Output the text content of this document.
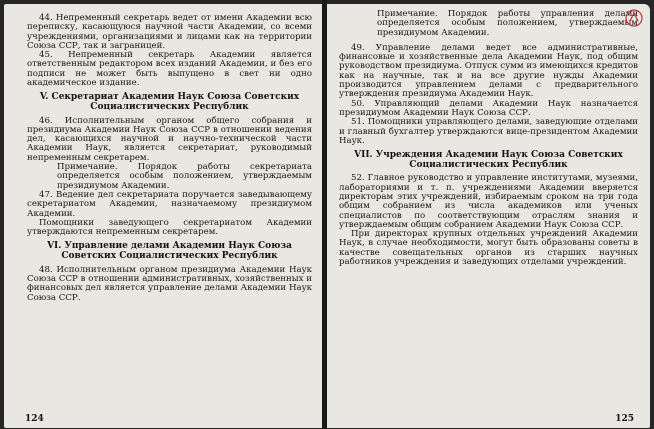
44. Непременный секретарь ведет от имени Академии всю переписку, касающуюся научной части Академии, со всеми учреждениями, организациями и лицами как на территории Союза ССР, так и заграницей.

45. Непременный секретарь Академии является ответственным редактором всех изданий Академии, и без его подписи не может быть выпущено в свет ни одно академическое издание.

V. Секретариат Академии Наук Союза Советских Социалистических Республик

46. Исполнительным органом общего собрания и президиума Академии Наук Союза ССР в отношении ведения дел, касающихся научной и научно-технической части Академии Наук, является секретариат, руководимый непременным секретарем.

Примечание. Порядок работы секретариата определяется особым положением, утверждаемым президиумом Академии.

47. Ведение дел секретариата поручается заведывающему секретариатом Академии, назначаемому президиумом Академии.

Помощники заведующего секретариатом Академии утверждаются непременным секретарем.

VI. Управление делами Академии Наук Союза Советских Социалистических Республик

48. Исполнительным органом президиума Академии Наук Союза ССР в отношении административных, хозяйственных и финансовых дел является управление делами Академии Наук Союза ССР.

124

Примечание. Порядок работы управления делами определяется особым положением, утверждаемым президиумом Академии.

49. Управление делами ведет все административные, финансовые и хозяйственные дела Академии Наук, под общим руководством президиума. Отпуск сумм из имеющихся кредитов как на научные, так и на все другие нужды Академии производится управлением делами с предварительного утверждения президиума Академии Наук.

50. Управляющий делами Академии Наук назначается президиумом Академии Наук Союза ССР.

51. Помощники управляющего делами, заведующие отделами и главный бухгалтер утверждаются вице-президентом Академии Наук.

VII. Учреждения Академии Наук Союза Советских Социалистических Республик

52. Главное руководство и управление институтами, музеями, лабораториями и т. п. учреждениями Академии вверяется директорам этих учреждений, избираемым сроком на три года общим собранием из числа академиков или ученых специалистов по соответствующим отраслям знания и утверждаемым общим собранием Академии Наук Союза ССР.

При директорах крупных отдельных учреждений Академии Наук, в случае необходимости, могут быть образованы советы в качестве совещательных органов из старших научных работников учреждения и заведующих отделами учреждений.

125
